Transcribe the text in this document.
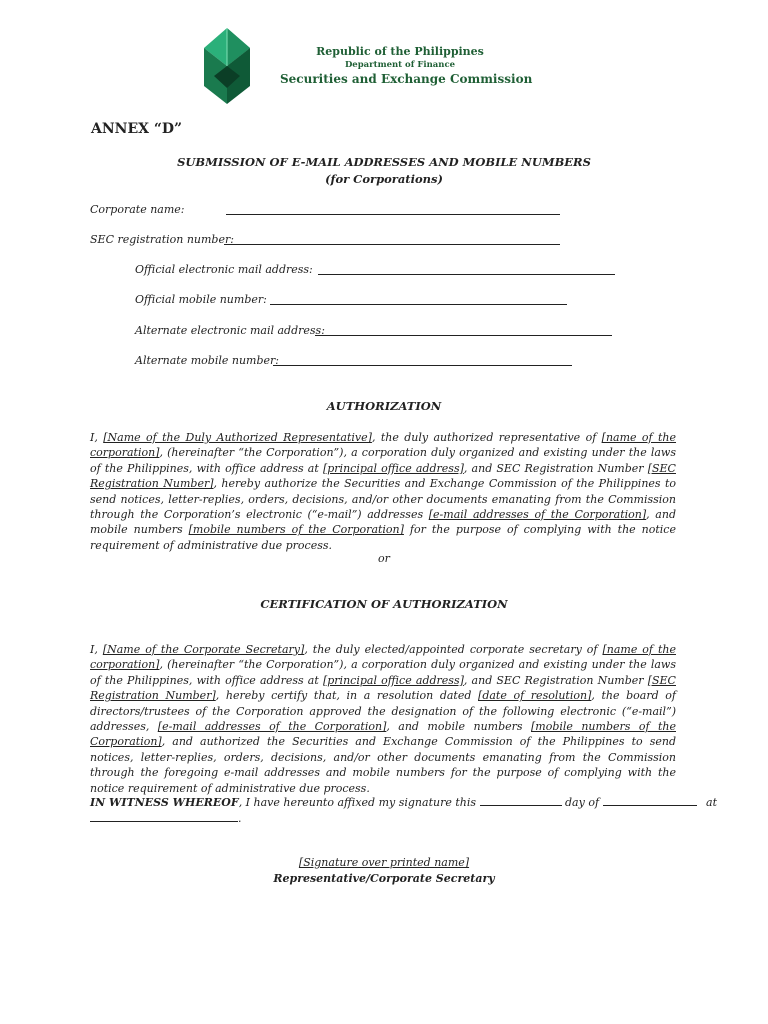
Republic of the Philippines
Department of Finance
Securities and Exchange Commission
ANNEX “D”
SUBMISSION OF E-MAIL ADDRESSES AND MOBILE NUMBERS
(for Corporations)
Corporate name:
SEC registration number:
Official electronic mail address:
Official mobile number:
Alternate electronic mail address:
Alternate mobile number:
AUTHORIZATION
I, [Name of the Duly Authorized Representative], the duly authorized representative of [name of the corporation], (hereinafter “the Corporation”), a corporation duly organized and existing under the laws of the Philippines, with office address at [principal office address], and SEC Registration Number [SEC Registration Number], hereby authorize the Securities and Exchange Commission of the Philippines to send notices, letter-replies, orders, decisions, and/or other documents emanating from the Commission through the Corporation’s electronic (“e-mail”) addresses [e-mail addresses of the Corporation], and mobile numbers [mobile numbers of the Corporation] for the purpose of complying with the notice requirement of administrative due process.
or
CERTIFICATION OF AUTHORIZATION
I, [Name of the Corporate Secretary], the duly elected/appointed corporate secretary of [name of the corporation], (hereinafter “the Corporation”), a corporation duly organized and existing under the laws of the Philippines, with office address at [principal office address], and SEC Registration Number [SEC Registration Number], hereby certify that, in a resolution dated [date of resolution], the board of directors/trustees of the Corporation approved the designation of the following electronic (“e-mail”) addresses, [e-mail addresses of the Corporation], and mobile numbers [mobile numbers of the Corporation], and authorized the Securities and Exchange Commission of the Philippines to send notices, letter-replies, orders, decisions, and/or other documents emanating from the Commission through the foregoing e-mail addresses and mobile numbers for the purpose of complying with the notice requirement of administrative due process.
IN WITNESS WHEREOF, I have hereunto affixed my signature this	day of	at
.
[Signature over printed name]
Representative/Corporate Secretary
